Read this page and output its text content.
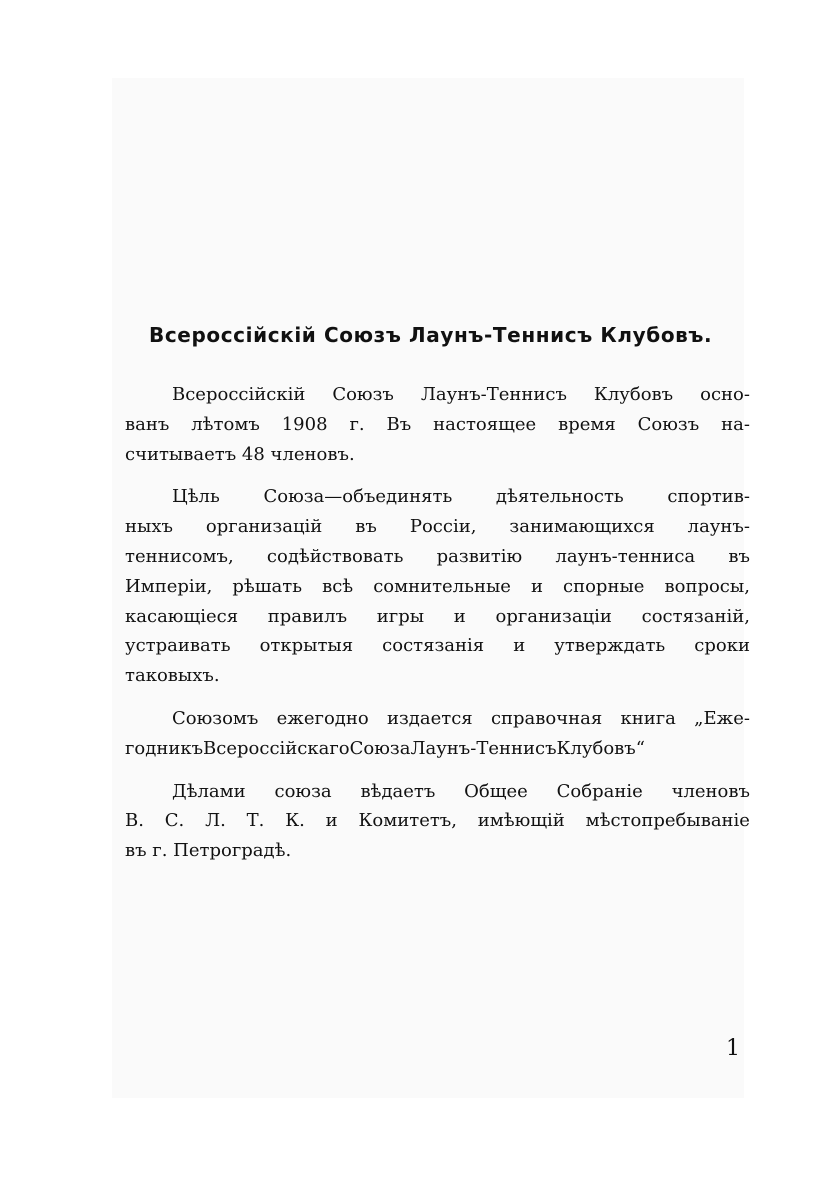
Всероссійскій Союзъ Лаунъ-Теннисъ Клубовъ.
Всероссійскій Союзъ Лаунъ-Теннисъ Клубовъ осно-
ванъ лѣтомъ 1908 г. Въ настоящее время Союзъ на-
считываетъ 48 членовъ.
Цѣль Союза—объединять дѣятельность спортив-
ныхъ организацій въ Россіи, занимающихся лаунъ-
теннисомъ, содѣйствовать развитію лаунъ-тенниса въ
Имперіи, рѣшать всѣ сомнительные и спорные вопросы,
касающіеся правилъ игры и организаціи состязаній,
устраивать открытыя состязанія и утверждать сроки
таковыхъ.
Союзомъ ежегодно издается справочная книга „Еже-
годникъВсероссійскагоСоюзаЛаунъ-ТеннисъКлубовъ“
Дѣлами союза вѣдаетъ Общее Собраніе членовъ
В. С. Л. Т. К. и Комитетъ, имѣющій мѣстопребываніе
въ г. Петроградѣ.
1
